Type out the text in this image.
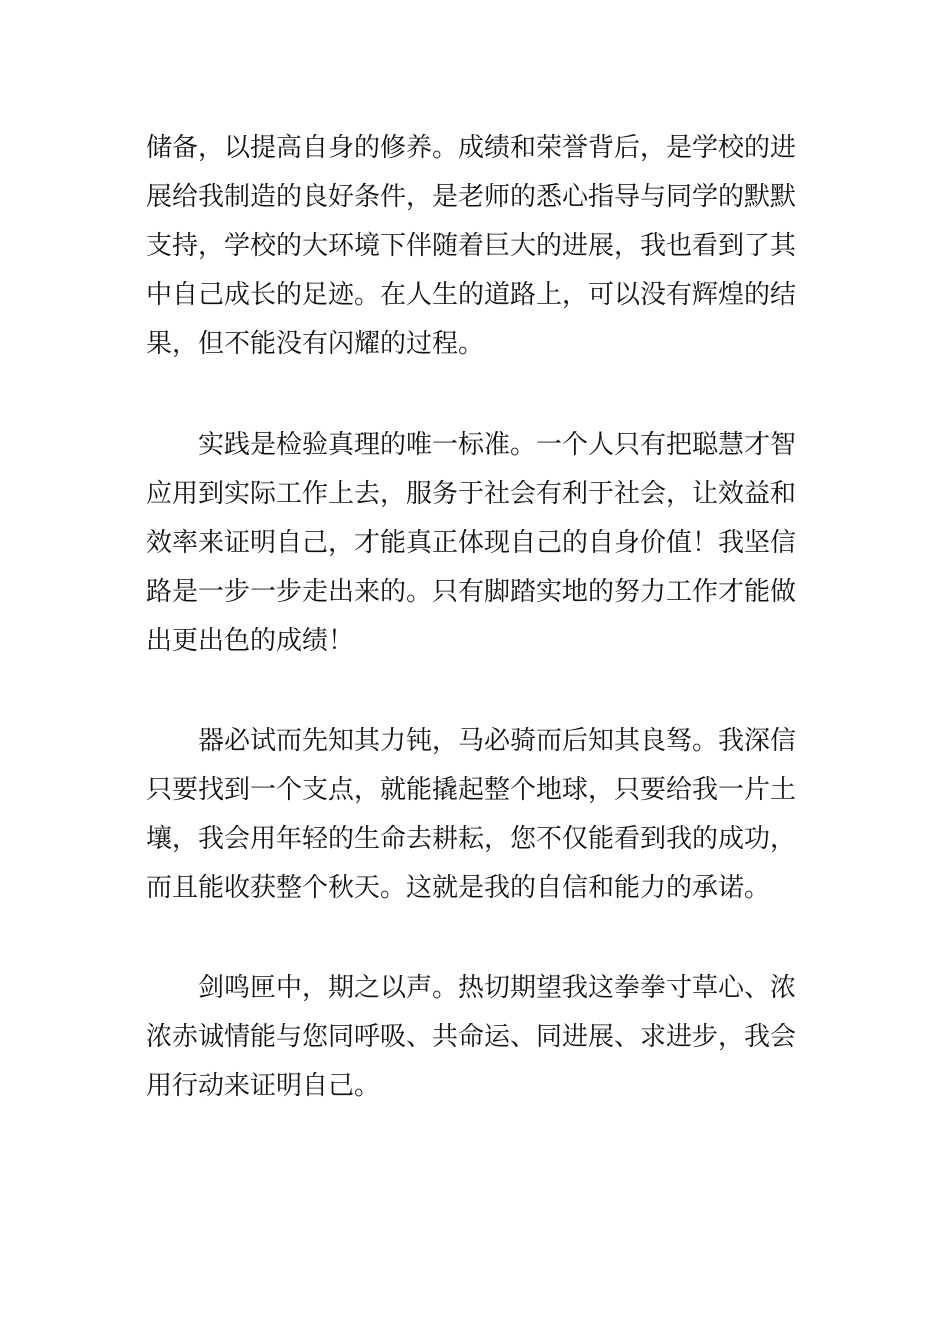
储备，以提高自身的修养。成绩和荣誉背后，是学校的进
展给我制造的良好条件，是老师的悉心指导与同学的默默
支持，学校的大环境下伴随着巨大的进展，我也看到了其
中自己成长的足迹。在人生的道路上，可以没有辉煌的结
果，但不能没有闪耀的过程。
实践是检验真理的唯一标准。一个人只有把聪慧才智
应用到实际工作上去，服务于社会有利于社会，让效益和
效率来证明自己，才能真正体现自己的自身价值！我坚信
路是一步一步走出来的。只有脚踏实地的努力工作才能做
出更出色的成绩！
器必试而先知其力钝，马必骑而后知其良驽。我深信
只要找到一个支点，就能撬起整个地球，只要给我一片土
壤，我会用年轻的生命去耕耘，您不仅能看到我的成功，
而且能收获整个秋天。这就是我的自信和能力的承诺。
剑鸣匣中，期之以声。热切期望我这拳拳寸草心、浓
浓赤诚情能与您同呼吸、共命运、同进展、求进步，我会
用行动来证明自己。
